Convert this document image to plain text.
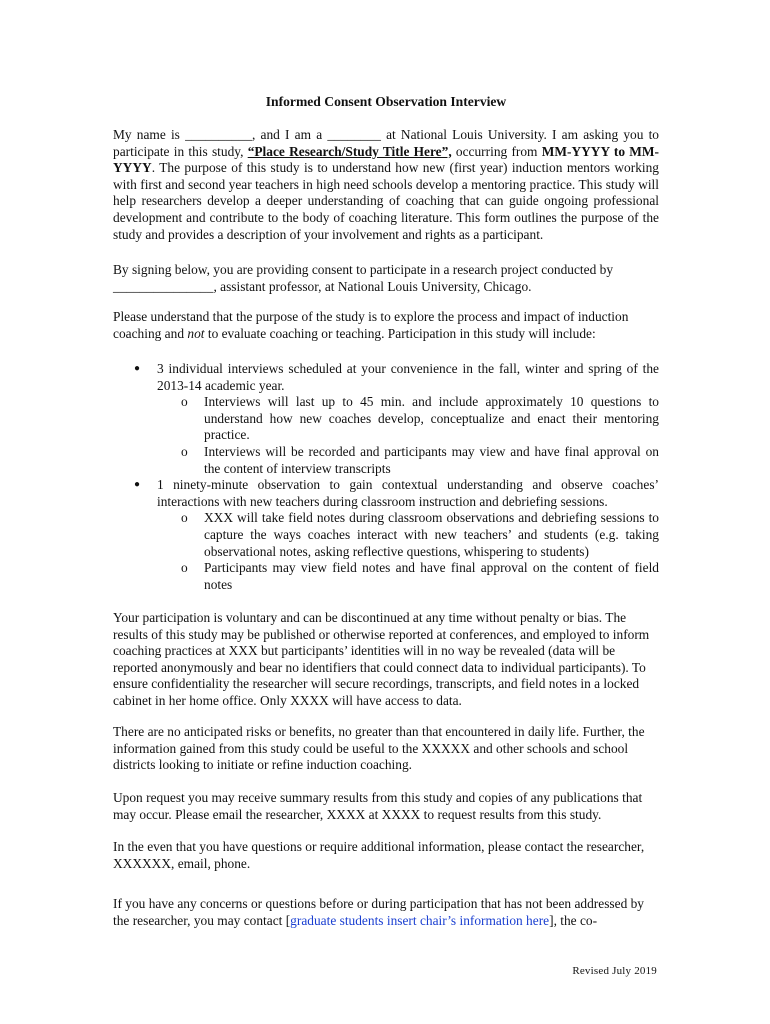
Informed Consent Observation Interview

My name is __________, and I am a ________ at National Louis University. I am asking you to participate in this study, “Place Research/Study Title Here”, occurring from MM-YYYY to MM-YYYY. The purpose of this study is to understand how new (first year) induction mentors working with first and second year teachers in high need schools develop a mentoring practice. This study will help researchers develop a deeper understanding of coaching that can guide ongoing professional development and contribute to the body of coaching literature. This form outlines the purpose of the study and provides a description of your involvement and rights as a participant.

By signing below, you are providing consent to participate in a research project conducted by _______________, assistant professor, at National Louis University, Chicago.

Please understand that the purpose of the study is to explore the process and impact of induction coaching and not to evaluate coaching or teaching. Participation in this study will include:

● 3 individual interviews scheduled at your convenience in the fall, winter and spring of the 2013-14 academic year.
o Interviews will last up to 45 min. and include approximately 10 questions to understand how new coaches develop, conceptualize and enact their mentoring practice.
o Interviews will be recorded and participants may view and have final approval on the content of interview transcripts
● 1 ninety-minute observation to gain contextual understanding and observe coaches’ interactions with new teachers during classroom instruction and debriefing sessions.
o XXX will take field notes during classroom observations and debriefing sessions to capture the ways coaches interact with new teachers’ and students (e.g. taking observational notes, asking reflective questions, whispering to students)
o Participants may view field notes and have final approval on the content of field notes

Your participation is voluntary and can be discontinued at any time without penalty or bias. The results of this study may be published or otherwise reported at conferences, and employed to inform coaching practices at XXX but participants’ identities will in no way be revealed (data will be reported anonymously and bear no identifiers that could connect data to individual participants). To ensure confidentiality the researcher will secure recordings, transcripts, and field notes in a locked cabinet in her home office. Only XXXX will have access to data.

There are no anticipated risks or benefits, no greater than that encountered in daily life. Further, the information gained from this study could be useful to the XXXXX and other schools and school districts looking to initiate or refine induction coaching.

Upon request you may receive summary results from this study and copies of any publications that may occur. Please email the researcher, XXXX at XXXX to request results from this study.

In the even that you have questions or require additional information, please contact the researcher, XXXXXX, email, phone.

If you have any concerns or questions before or during participation that has not been addressed by the researcher, you may contact [graduate students insert chair’s information here], the co-

Revised July 2019
